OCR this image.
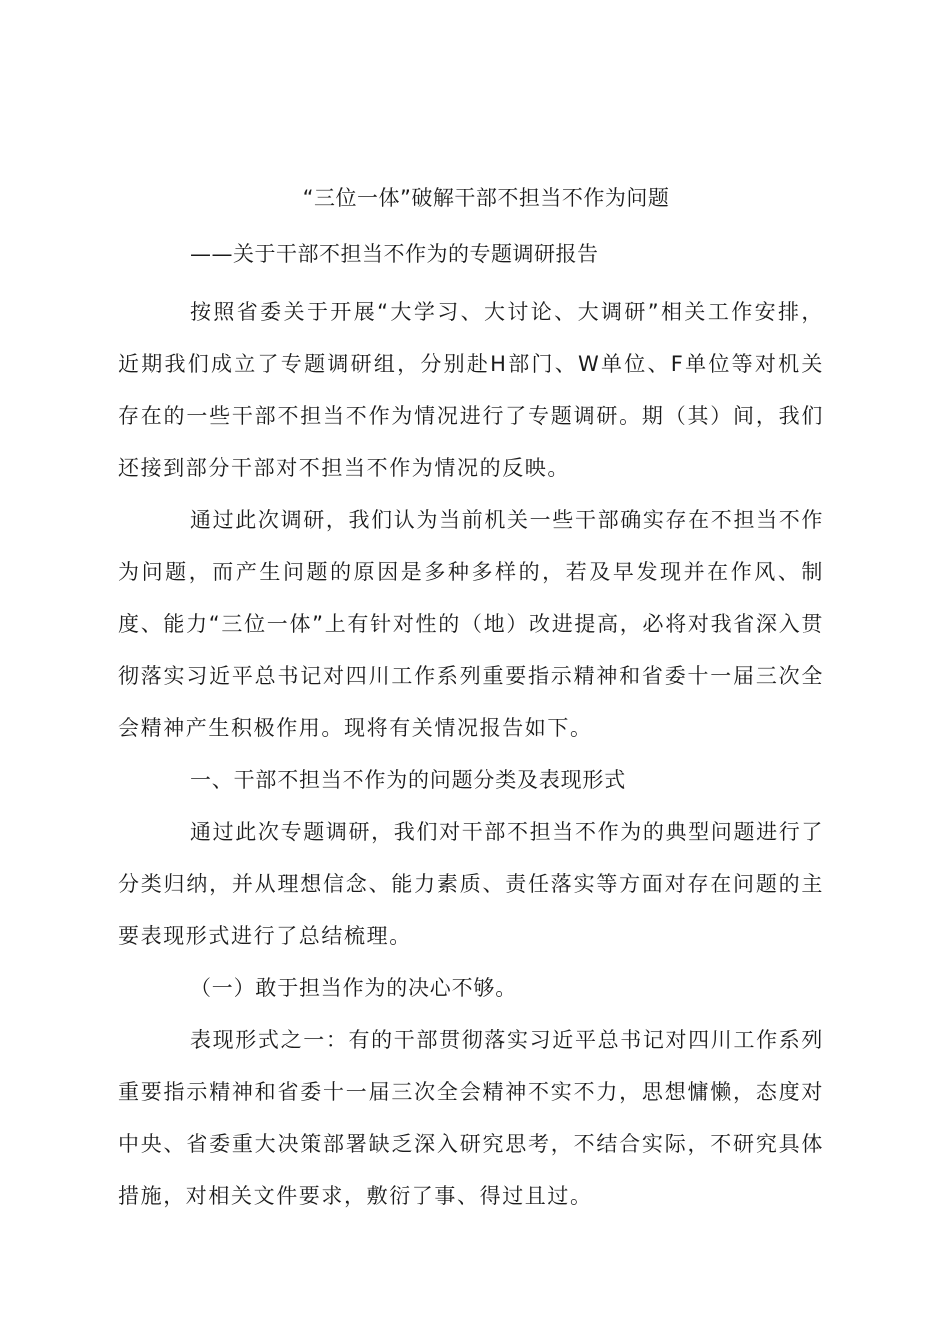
“三位一体”破解干部不担当不作为问题
——关于干部不担当不作为的专题调研报告

按照省委关于开展“大学习、大讨论、大调研”相关工作安排，近期我们成立了专题调研组，分别赴H部门、W单位、F单位等对机关存在的一些干部不担当不作为情况进行了专题调研。期（其）间，我们还接到部分干部对不担当不作为情况的反映。

通过此次调研，我们认为当前机关一些干部确实存在不担当不作为问题，而产生问题的原因是多种多样的，若及早发现并在作风、制度、能力“三位一体”上有针对性的（地）改进提高，必将对我省深入贯彻落实习近平总书记对四川工作系列重要指示精神和省委十一届三次全会精神产生积极作用。现将有关情况报告如下。

一、干部不担当不作为的问题分类及表现形式

通过此次专题调研，我们对干部不担当不作为的典型问题进行了分类归纳，并从理想信念、能力素质、责任落实等方面对存在问题的主要表现形式进行了总结梳理。

（一）敢于担当作为的决心不够。

表现形式之一：有的干部贯彻落实习近平总书记对四川工作系列重要指示精神和省委十一届三次全会精神不实不力，思想慵懒，态度对中央、省委重大决策部署缺乏深入研究思考，不结合实际，不研究具体措施，对相关文件要求，敷衍了事、得过且过。
